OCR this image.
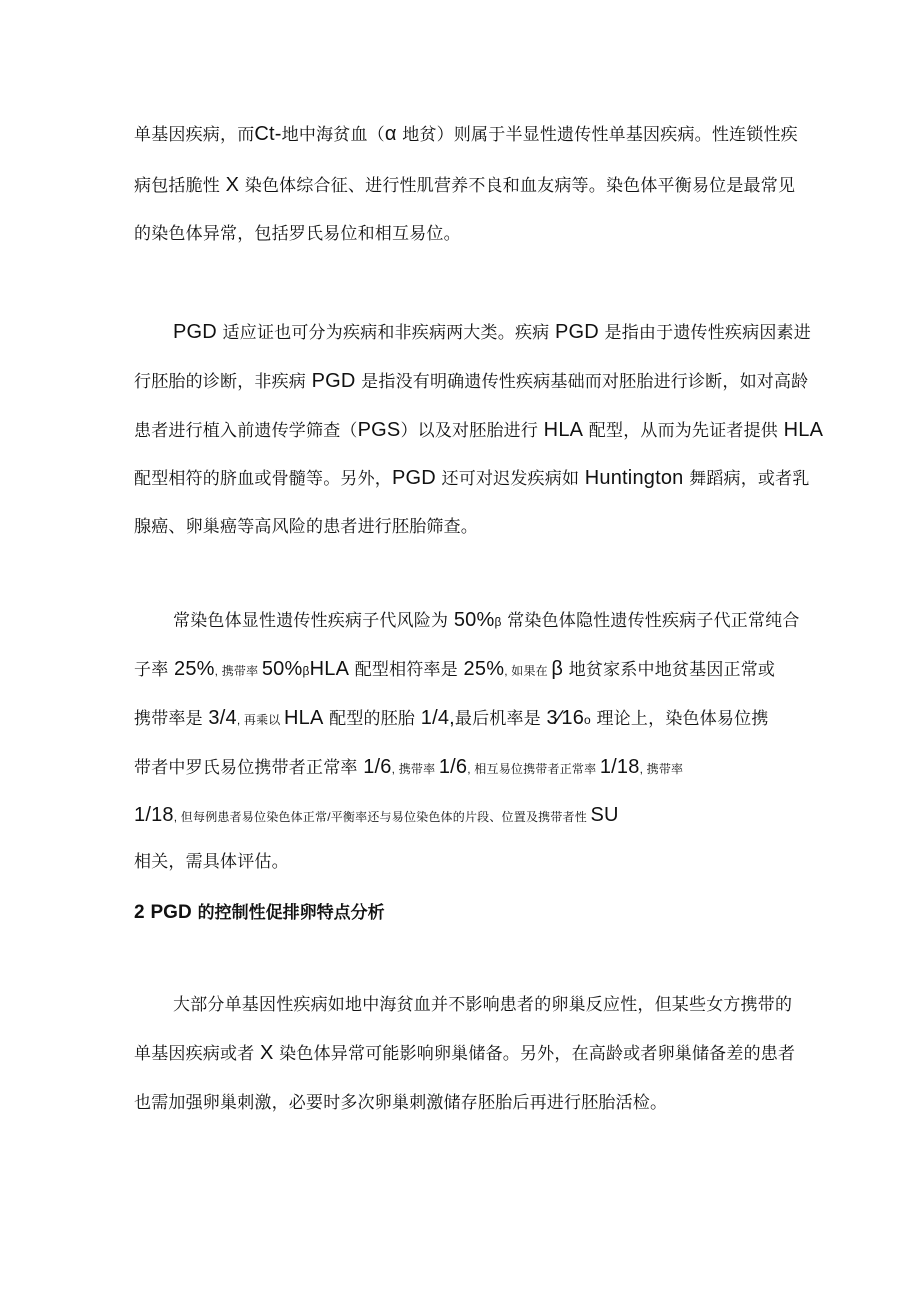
单基因疾病，而Ct-地中海贫血（α 地贫）则属于半显性遗传性单基因疾病。性连锁性疾
病包括脆性 X 染色体综合征、进行性肌营养不良和血友病等。染色体平衡易位是最常见
的染色体异常，包括罗氏易位和相互易位。
PGD 适应证也可分为疾病和非疾病两大类。疾病 PGD 是指由于遗传性疾病因素进
行胚胎的诊断，非疾病 PGD 是指没有明确遗传性疾病基础而对胚胎进行诊断，如对高龄
患者进行植入前遗传学筛查（PGS）以及对胚胎进行 HLA 配型，从而为先证者提供 HLA
配型相符的脐血或骨髓等。另外，PGD 还可对迟发疾病如 Huntington 舞蹈病，或者乳
腺癌、卵巢癌等高风险的患者进行胚胎筛查。
常染色体显性遗传性疾病子代风险为 50%β 常染色体隐性遗传性疾病子代正常纯合
子率 25%, 携带率 50%βHLA 配型相符率是 25%, 如果在 β 地贫家系中地贫基因正常或
携带率是 3/4, 再乘以 HLA 配型的胚胎 1/4,最后机率是 3∕16o 理论上，染色体易位携
带者中罗氏易位携带者正常率 1/6, 携带率 1/6, 相互易位携带者正常率 1/18, 携带率
1/18, 但每例患者易位染色体正常/平衡率还与易位染色体的片段、位置及携带者性 SU
相关，需具体评估。
2 PGD 的控制性促排卵特点分析
大部分单基因性疾病如地中海贫血并不影响患者的卵巢反应性，但某些女方携带的
单基因疾病或者 X 染色体异常可能影响卵巢储备。另外，在高龄或者卵巢储备差的患者
也需加强卵巢刺激，必要时多次卵巢刺激储存胚胎后再进行胚胎活检。
